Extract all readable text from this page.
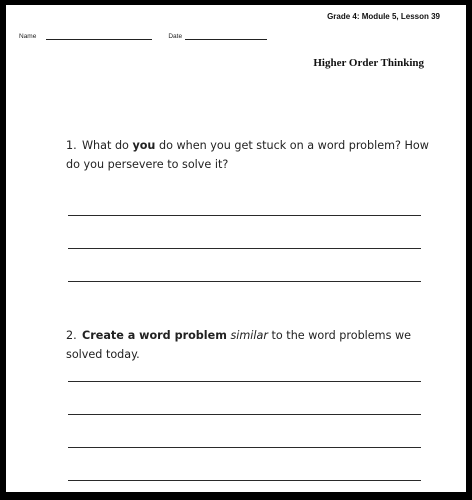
Grade 4: Module 5, Lesson 39
Name	Date
Higher Order Thinking
1. What do you do when you get stuck on a word problem? How do you persevere to solve it?
2. Create a word problem similar to the word problems we solved today.
